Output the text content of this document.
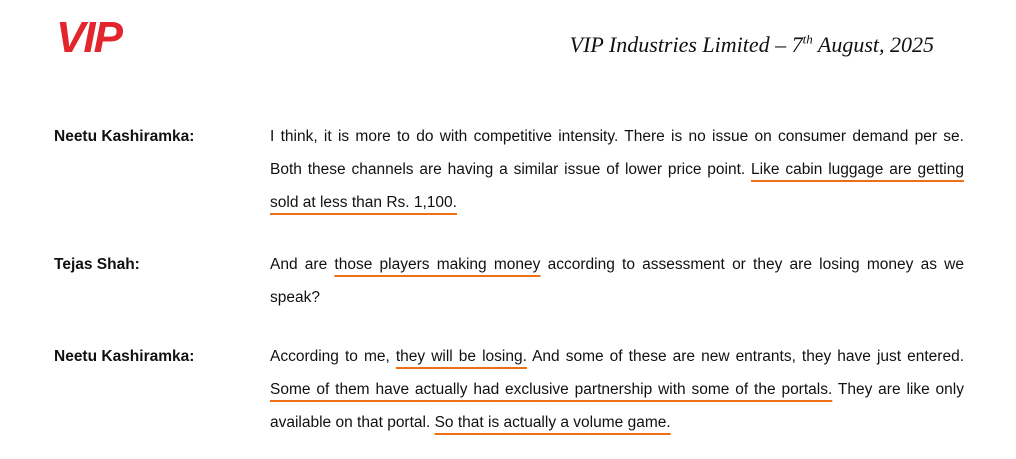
VIP	VIP Industries Limited – 7th August, 2025
Neetu Kashiramka:	I think, it is more to do with competitive intensity. There is no issue on consumer demand per se. Both these channels are having a similar issue of lower price point. Like cabin luggage are getting sold at less than Rs. 1,100.
Tejas Shah:	And are those players making money according to assessment or they are losing money as we speak?
Neetu Kashiramka:	According to me, they will be losing. And some of these are new entrants, they have just entered. Some of them have actually had exclusive partnership with some of the portals. They are like only available on that portal. So that is actually a volume game.
